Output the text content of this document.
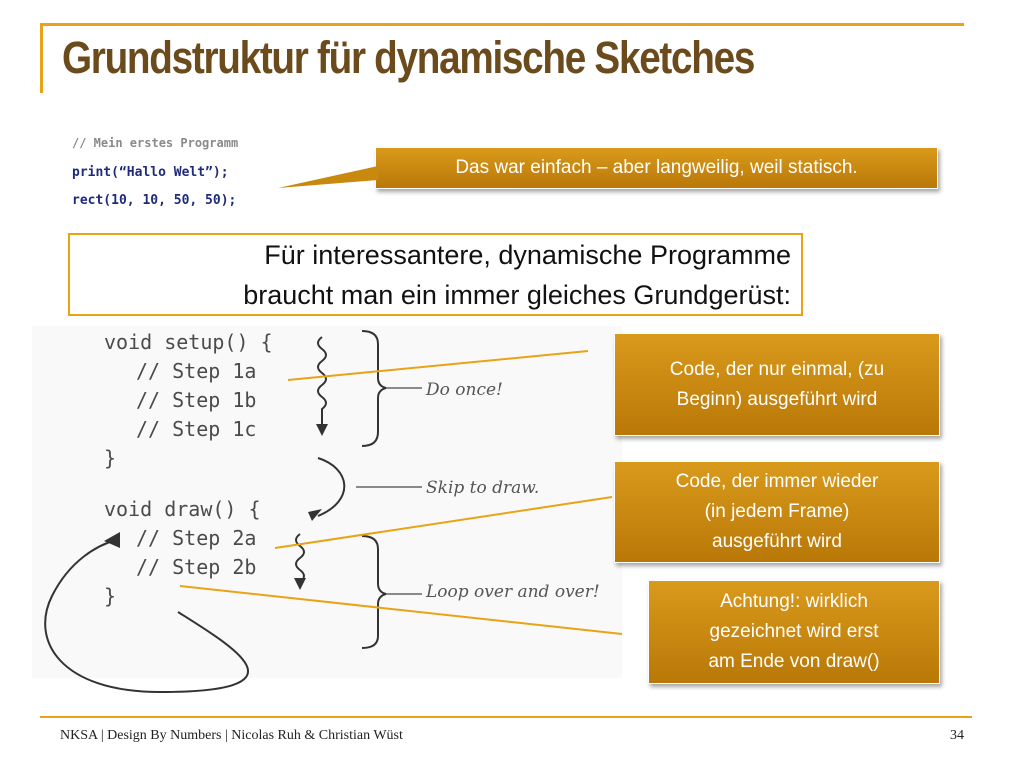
Grundstruktur für dynamische Sketches
// Mein erstes Programm
print(“Hallo Welt”);
rect(10, 10, 50, 50);
Das war einfach – aber langweilig, weil statisch.
Für interessantere, dynamische Programme
braucht man ein immer gleiches Grundgerüst:
void setup() {
// Step 1a
// Step 1b
// Step 1c
}
void draw() {
// Step 2a
// Step 2b
}
Do once!
Skip to draw.
Loop over and over!
Code, der nur einmal, (zu
Beginn) ausgeführt wird
Code, der immer wieder
(in jedem Frame)
ausgeführt wird
Achtung!: wirklich
gezeichnet wird erst
am Ende von draw()
NKSA | Design By Numbers | Nicolas Ruh & Christian Wüst	34
